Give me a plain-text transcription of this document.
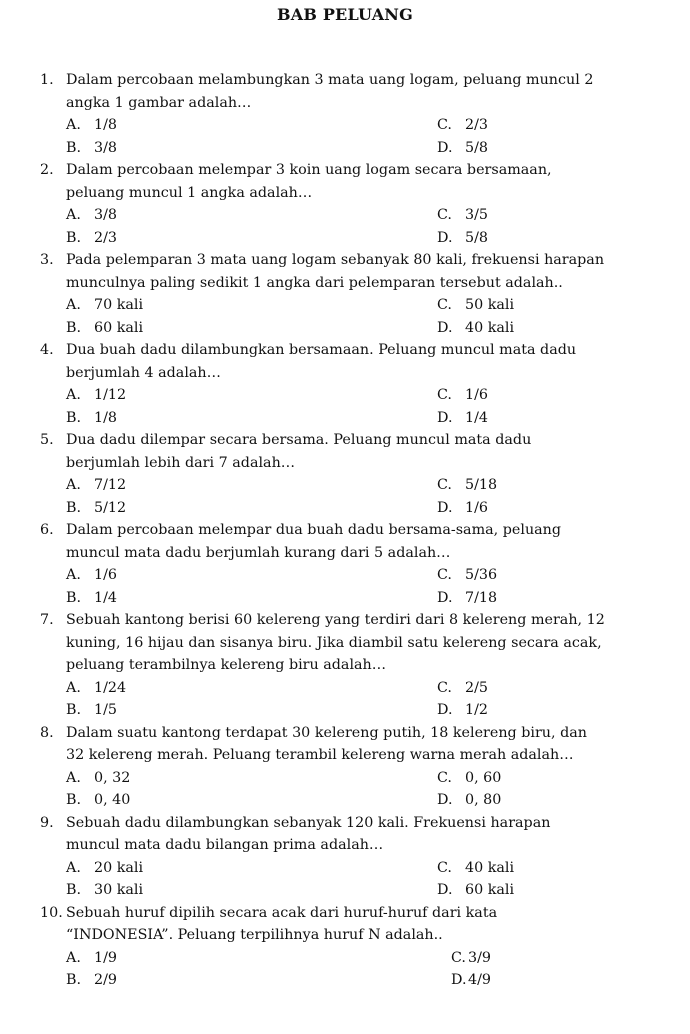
BAB PELUANG
1. Dalam percobaan melambungkan 3 mata uang logam, peluang muncul 2 angka 1 gambar adalah…
A. 1/8
B. 3/8
C. 2/3
D. 5/8
2. Dalam percobaan melempar 3 koin uang logam secara bersamaan, peluang muncul 1 angka adalah…
A. 3/8
B. 2/3
C. 3/5
D. 5/8
3. Pada pelemparan 3 mata uang logam sebanyak 80 kali, frekuensi harapan munculnya paling sedikit 1 angka dari pelemparan tersebut adalah..
A. 70 kali
B. 60 kali
C. 50 kali
D. 40 kali
4. Dua buah dadu dilambungkan bersamaan. Peluang muncul mata dadu berjumlah 4 adalah…
A. 1/12
B. 1/8
C. 1/6
D. 1/4
5. Dua dadu dilempar secara bersama. Peluang muncul mata dadu berjumlah lebih dari 7 adalah…
A. 7/12
B. 5/12
C. 5/18
D. 1/6
6. Dalam percobaan melempar dua buah dadu bersama-sama, peluang muncul mata dadu berjumlah kurang dari 5 adalah…
A. 1/6
B. 1/4
C. 5/36
D. 7/18
7. Sebuah kantong berisi 60 kelereng yang terdiri dari 8 kelereng merah, 12 kuning, 16 hijau dan sisanya biru. Jika diambil satu kelereng secara acak, peluang terambilnya kelereng biru adalah…
A. 1/24
B. 1/5
C. 2/5
D. 1/2
8. Dalam suatu kantong terdapat 30 kelereng putih, 18 kelereng biru, dan 32 kelereng merah. Peluang terambil kelereng warna merah adalah…
A. 0, 32
B. 0, 40
C. 0, 60
D. 0, 80
9. Sebuah dadu dilambungkan sebanyak 120 kali. Frekuensi harapan muncul mata dadu bilangan prima adalah…
A. 20 kali
B. 30 kali
C. 40 kali
D. 60 kali
10. Sebuah huruf dipilih secara acak dari huruf-huruf dari kata “INDONESIA”. Peluang terpilihnya huruf N adalah..
A. 1/9
B. 2/9
C. 3/9
D. 4/9
